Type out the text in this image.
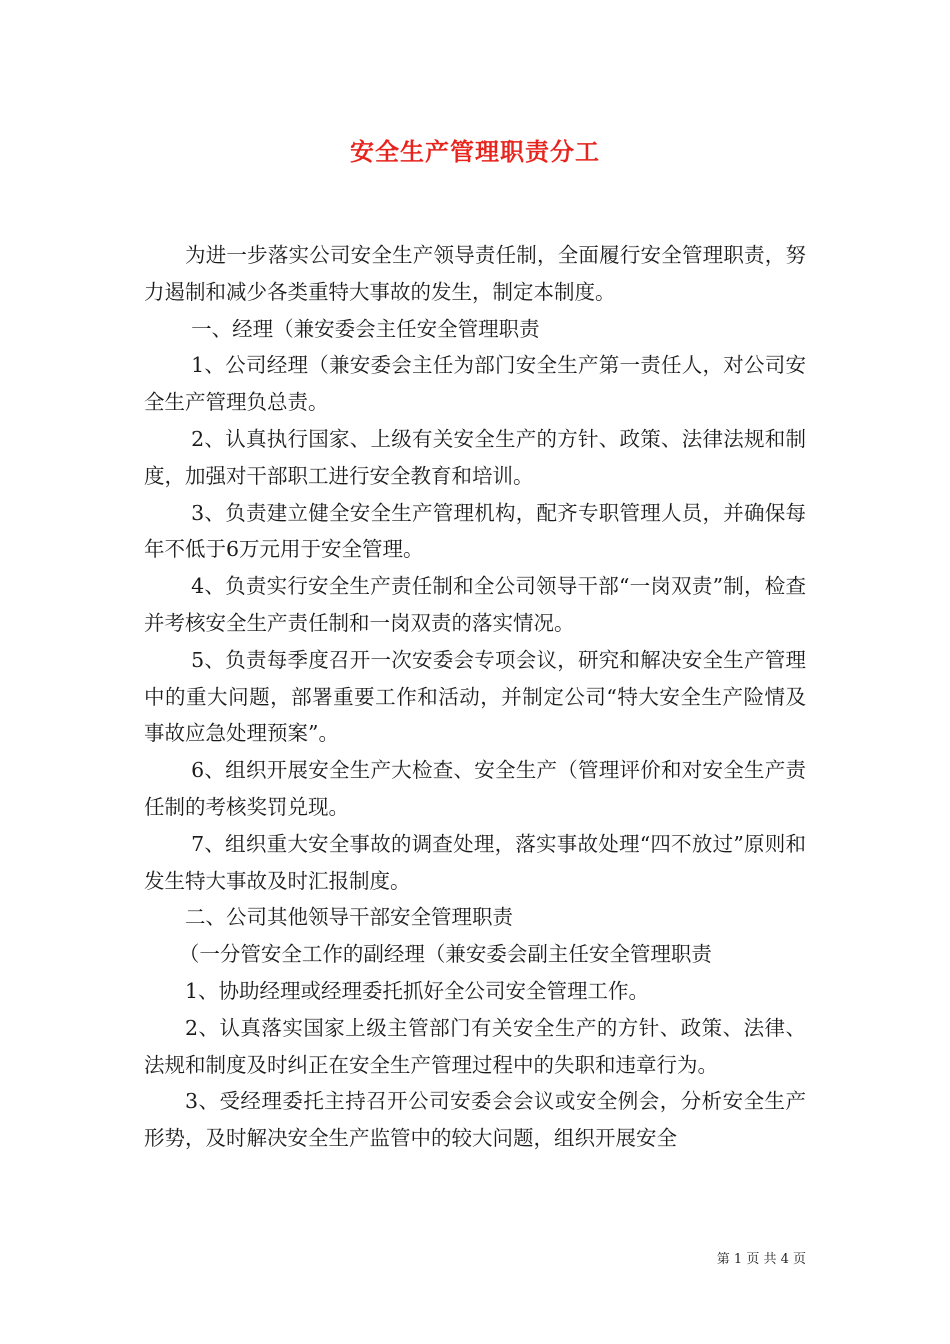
安全生产管理职责分工

为进一步落实公司安全生产领导责任制，全面履行安全管理职责，努力遏制和减少各类重特大事故的发生，制定本制度。

一、经理（兼安委会主任安全管理职责

1、公司经理（兼安委会主任为部门安全生产第一责任人，对公司安全生产管理负总责。

2、认真执行国家、上级有关安全生产的方针、政策、法律法规和制度，加强对干部职工进行安全教育和培训。

3、负责建立健全安全生产管理机构，配齐专职管理人员，并确保每年不低于6万元用于安全管理。

4、负责实行安全生产责任制和全公司领导干部“一岗双责”制，检查并考核安全生产责任制和一岗双责的落实情况。

5、负责每季度召开一次安委会专项会议，研究和解决安全生产管理中的重大问题，部署重要工作和活动，并制定公司“特大安全生产险情及事故应急处理预案”。

6、组织开展安全生产大检查、安全生产（管理评价和对安全生产责任制的考核奖罚兑现。

7、组织重大安全事故的调查处理，落实事故处理“四不放过”原则和发生特大事故及时汇报制度。

二、公司其他领导干部安全管理职责

（一分管安全工作的副经理（兼安委会副主任安全管理职责

1、协助经理或经理委托抓好全公司安全管理工作。

2、认真落实国家上级主管部门有关安全生产的方针、政策、法律、法规和制度及时纠正在安全生产管理过程中的失职和违章行为。

3、受经理委托主持召开公司安委会会议或安全例会，分析安全生产形势，及时解决安全生产监管中的较大问题，组织开展安全

第 1 页 共 4 页
